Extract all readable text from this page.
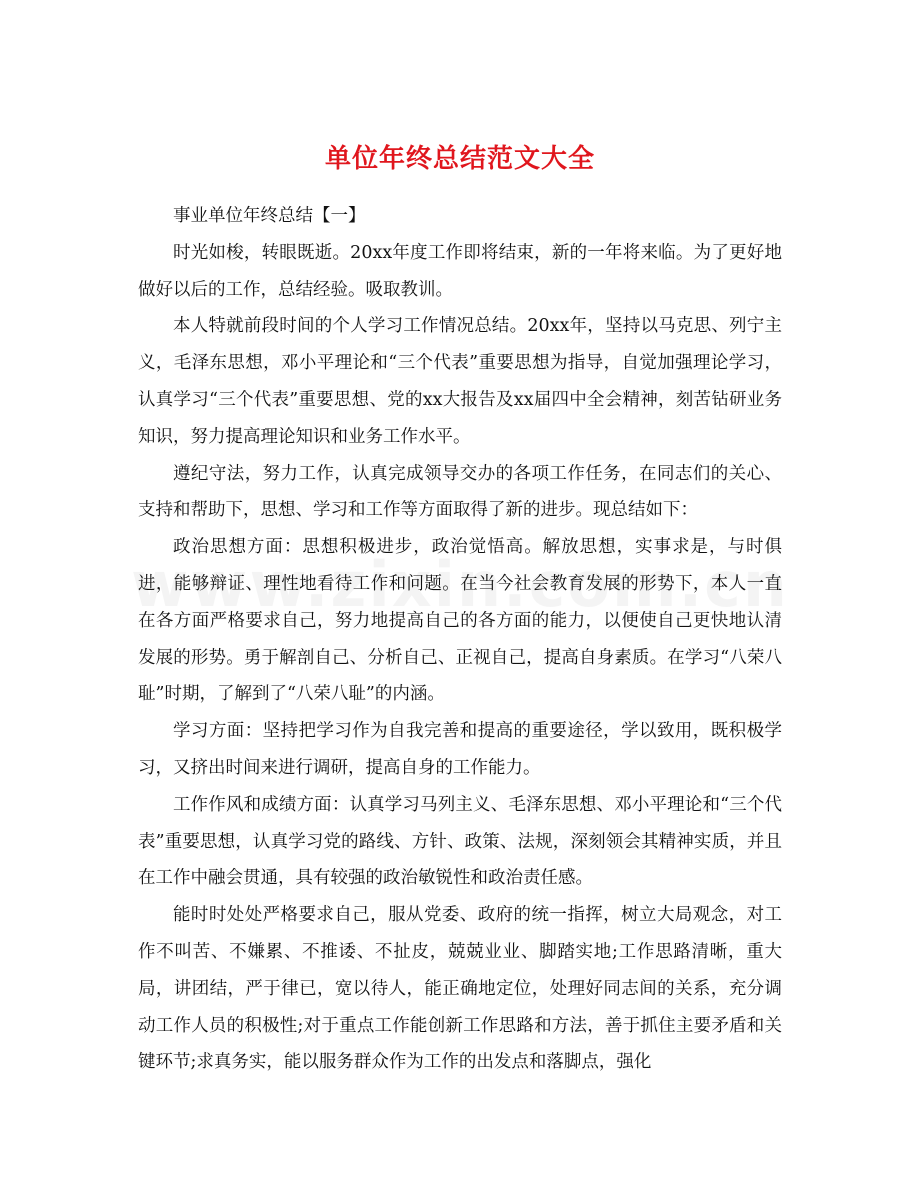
单位年终总结范文大全

事业单位年终总结【一】

时光如梭，转眼既逝。20xx年度工作即将结束，新的一年将来临。为了更好地做好以后的工作，总结经验。吸取教训。

本人特就前段时间的个人学习工作情况总结。20xx年，坚持以马克思、列宁主义，毛泽东思想，邓小平理论和“三个代表”重要思想为指导，自觉加强理论学习，认真学习“三个代表”重要思想、党的xx大报告及xx届四中全会精神，刻苦钻研业务知识，努力提高理论知识和业务工作水平。

遵纪守法，努力工作，认真完成领导交办的各项工作任务，在同志们的关心、支持和帮助下，思想、学习和工作等方面取得了新的进步。现总结如下：

政治思想方面：思想积极进步，政治觉悟高。解放思想，实事求是，与时俱进，能够辩证、理性地看待工作和问题。在当今社会教育发展的形势下，本人一直在各方面严格要求自己，努力地提高自己的各方面的能力，以便使自己更快地认清发展的形势。勇于解剖自己、分析自己、正视自己，提高自身素质。在学习“八荣八耻”时期，了解到了“八荣八耻”的内涵。

学习方面：坚持把学习作为自我完善和提高的重要途径，学以致用，既积极学习，又挤出时间来进行调研，提高自身的工作能力。

工作作风和成绩方面：认真学习马列主义、毛泽东思想、邓小平理论和“三个代表”重要思想，认真学习党的路线、方针、政策、法规，深刻领会其精神实质，并且在工作中融会贯通，具有较强的政治敏锐性和政治责任感。

能时时处处严格要求自己，服从党委、政府的统一指挥，树立大局观念，对工作不叫苦、不嫌累、不推诿、不扯皮，兢兢业业、脚踏实地;工作思路清晰，重大局，讲团结，严于律已，宽以待人，能正确地定位，处理好同志间的关系，充分调动工作人员的积极性;对于重点工作能创新工作思路和方法，善于抓住主要矛盾和关键环节;求真务实，能以服务群众作为工作的出发点和落脚点，强化
